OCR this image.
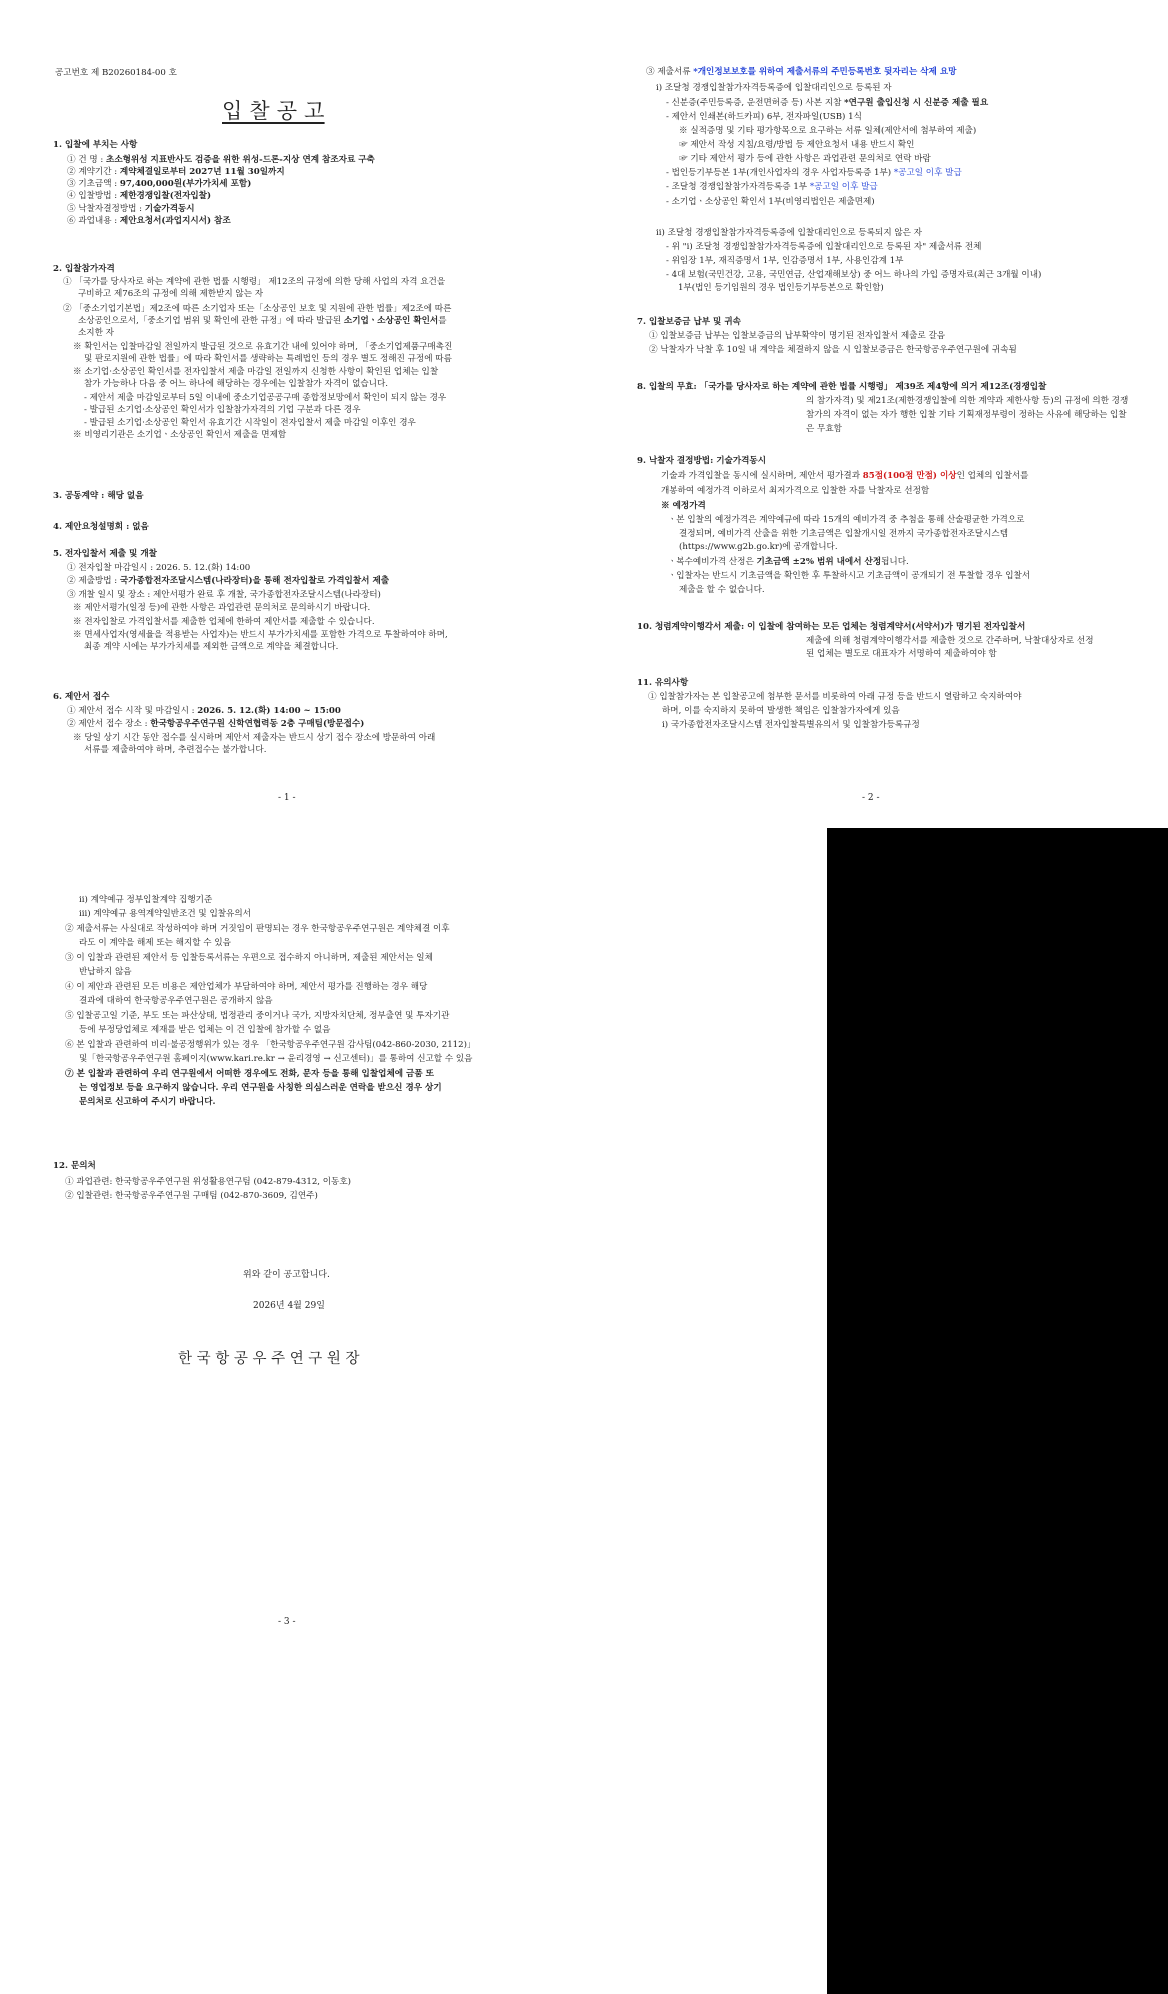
공고번호 제 B20260184-00 호
입 찰 공 고
1. 입찰에 부치는 사항
① 건 명 : 초소형위성 지표반사도 검증을 위한 위성-드론-지상 연계 참조자료 구축
② 계약기간 : 계약체결일로부터 2027년 11월 30일까지
③ 기초금액 : 97,400,000원(부가가치세 포함)
④ 입찰방법 : 제한경쟁입찰(전자입찰)
⑤ 낙찰자결정방법 : 기술가격동시
⑥ 과업내용 : 제안요청서(과업지시서) 참조
2. 입찰참가자격
① 「국가를 당사자로 하는 계약에 관한 법률 시행령」 제12조의 규정에 의한 당해 사업의 자격 요건을
구비하고 제76조의 규정에 의해 제한받지 않는 자
② 「중소기업기본법」제2조에 따른 소기업자 또는「소상공인 보호 및 지원에 관한 법률」제2조에 따른
소상공인으로서,「중소기업 범위 및 확인에 관한 규정」에 따라 발급된 소기업ㆍ소상공인 확인서를
소지한 자
※ 확인서는 입찰마감일 전일까지 발급된 것으로 유효기간 내에 있어야 하며, 「중소기업제품구매촉진
및 판로지원에 관한 법률」에 따라 확인서를 생략하는 특례법인 등의 경우 별도 정해진 규정에 따름
※ 소기업·소상공인 확인서를 전자입찰서 제출 마감일 전일까지 신청한 사항이 확인된 업체는 입찰
참가 가능하나 다음 중 어느 하나에 해당하는 경우에는 입찰참가 자격이 없습니다.
- 제안서 제출 마감일로부터 5일 이내에 중소기업공공구매 종합정보망에서 확인이 되지 않는 경우
- 발급된 소기업·소상공인 확인서가 입찰참가자격의 기업 구분과 다른 경우
- 발급된 소기업·소상공인 확인서 유효기간 시작일이 전자입찰서 제출 마감일 이후인 경우
※ 비영리기관은 소기업ㆍ소상공인 확인서 제출을 면제함
3. 공동계약 : 해당 없음
4. 제안요청설명회 : 없음
5. 전자입찰서 제출 및 개찰
① 전자입찰 마감일시 : 2026. 5. 12.(화) 14:00
② 제출방법 : 국가종합전자조달시스템(나라장터)을 통해 전자입찰로 가격입찰서 제출
③ 개찰 일시 및 장소 : 제안서평가 완료 후 개찰, 국가종합전자조달시스템(나라장터)
※ 제안서평가(일정 등)에 관한 사항은 과업관련 문의처로 문의하시기 바랍니다.
※ 전자입찰로 가격입찰서를 제출한 업체에 한하여 제안서를 제출할 수 있습니다.
※ 면세사업자(영세율을 적용받는 사업자)는 반드시 부가가치세를 포함한 가격으로 투찰하여야 하며,
최종 계약 시에는 부가가치세를 제외한 금액으로 계약을 체결합니다.
6. 제안서 접수
① 제안서 접수 시작 및 마감일시 : 2026. 5. 12.(화) 14:00 ~ 15:00
② 제안서 접수 장소 : 한국항공우주연구원 신학연협력동 2층 구매팀(방문접수)
※ 당일 상기 시간 동안 접수를 실시하며 제안서 제출자는 반드시 상기 접수 장소에 방문하여 아래
서류를 제출하여야 하며, 추련접수는 불가합니다.
- 1 -
③ 제출서류 *개인정보보호를 위하여 제출서류의 주민등록번호 뒷자리는 삭제 요망
ⅰ) 조달청 경쟁입찰참가자격등록증에 입찰대리인으로 등록된 자
- 신분증(주민등록증, 운전면허증 등) 사본 지참 *연구원 출입신청 시 신분증 제출 필요
- 제안서 인쇄본(하드카피) 6부, 전자파일(USB) 1식
※ 실적증명 및 기타 평가항목으로 요구하는 서류 일체(제안서에 첨부하여 제출)
☞ 제안서 작성 지침/요령/방법 등 제안요청서 내용 반드시 확인
☞ 기타 제안서 평가 등에 관한 사항은 과업관련 문의처로 연락 바람
- 법인등기부등본 1부(개인사업자의 경우 사업자등록증 1부) *공고일 이후 발급
- 조달청 경쟁입찰참가자격등록증 1부 *공고일 이후 발급
- 소기업ㆍ소상공인 확인서 1부(비영리법인은 제출면제)
ⅱ) 조달청 경쟁입찰참가자격등록증에 입찰대리인으로 등록되지 않은 자
- 위 "ⅰ) 조달청 경쟁입찰참가자격등록증에 입찰대리인으로 등록된 자" 제출서류 전체
- 위임장 1부, 재직증명서 1부, 인감증명서 1부, 사용인감계 1부
- 4대 보험(국민건강, 고용, 국민연금, 산업재해보상) 중 어느 하나의 가입 증명자료(최근 3개월 이내)
1부(법인 등기임원의 경우 법인등기부등본으로 확인함)
7. 입찰보증금 납부 및 귀속
① 입찰보증금 납부는 입찰보증금의 납부확약이 명기된 전자입찰서 제출로 갈음
② 낙찰자가 낙찰 후 10일 내 계약을 체결하지 않을 시 입찰보증금은 한국항공우주연구원에 귀속됨
8. 입찰의 무효: 「국가를 당사자로 하는 계약에 관한 법률 시행령」 제39조 제4항에 의거 제12조(경쟁입찰
의 참가자격) 및 제21조(제한경쟁입찰에 의한 계약과 제한사항 등)의 규정에 의한 경쟁
참가의 자격이 없는 자가 행한 입찰 기타 기획재정부령이 정하는 사유에 해당하는 입찰
은 무효함
9. 낙찰자 결정방법: 기술가격동시
기술과 가격입찰을 동시에 실시하며, 제안서 평가결과 85점(100점 만점) 이상인 업체의 입찰서를
개봉하여 예정가격 이하로서 최저가격으로 입찰한 자를 낙찰자로 선정함
※ 예정가격
ㆍ본 입찰의 예정가격은 계약예규에 따라 15개의 예비가격 중 추첨을 통해 산술평균한 가격으로
결정되며, 예비가격 산출을 위한 기초금액은 입찰개시일 전까지 국가종합전자조달시스템
(https://www.g2b.go.kr)에 공개합니다.
ㆍ복수예비가격 산정은 기초금액 ±2% 범위 내에서 산정됩니다.
ㆍ입찰자는 반드시 기초금액을 확인한 후 투찰하시고 기초금액이 공개되기 전 투찰할 경우 입찰서
제출을 할 수 없습니다.
10. 청렴계약이행각서 제출: 이 입찰에 참여하는 모든 업체는 청렴계약서(서약서)가 명기된 전자입찰서
제출에 의해 청렴계약이행각서를 제출한 것으로 간주하며, 낙찰대상자로 선정
된 업체는 별도로 대표자가 서명하여 제출하여야 함
11. 유의사항
① 입찰참가자는 본 입찰공고에 첨부한 문서를 비롯하여 아래 규정 등을 반드시 열람하고 숙지하여야
하며, 이를 숙지하지 못하여 발생한 책임은 입찰참가자에게 있음
ⅰ) 국가종합전자조달시스템 전자입찰특별유의서 및 입찰참가등록규정
- 2 -
ⅱ) 계약예규 정부입찰계약 집행기준
ⅲ) 계약예규 용역계약일반조건 및 입찰유의서
② 제출서류는 사실대로 작성하여야 하며 거짓임이 판명되는 경우 한국항공우주연구원은 계약체결 이후
라도 이 계약을 해제 또는 해지할 수 있음
③ 이 입찰과 관련된 제안서 등 입찰등록서류는 우편으로 접수하지 아니하며, 제출된 제안서는 일체
반납하지 않음
④ 이 제안과 관련된 모든 비용은 제안업체가 부담하여야 하며, 제안서 평가를 진행하는 경우 해당
결과에 대하여 한국항공우주연구원은 공개하지 않음
⑤ 입찰공고일 기준, 부도 또는 파산상태, 법정관리 중이거나 국가, 지방자치단체, 정부출연 및 투자기관
등에 부정당업체로 제재를 받은 업체는 이 건 입찰에 참가할 수 없음
⑥ 본 입찰과 관련하여 비리·불공정행위가 있는 경우 「한국항공우주연구원 감사팀(042-860-2030, 2112)」
및「한국항공우주연구원 홈페이지(www.kari.re.kr → 윤리경영 → 신고센터)」를 통하여 신고할 수 있음
⑦ 본 입찰과 관련하여 우리 연구원에서 어떠한 경우에도 전화, 문자 등을 통해 입찰업체에 금품 또
는 영업정보 등을 요구하지 않습니다. 우리 연구원을 사칭한 의심스러운 연락을 받으신 경우 상기
문의처로 신고하여 주시기 바랍니다.
12. 문의처
① 과업관련: 한국항공우주연구원 위성활용연구팀 (042-879-4312, 이동호)
② 입찰관련: 한국항공우주연구원 구매팀 (042-870-3609, 김연주)
위와 같이 공고합니다.
2026년 4월 29일
한 국 항 공 우 주 연 구 원 장
- 3 -
